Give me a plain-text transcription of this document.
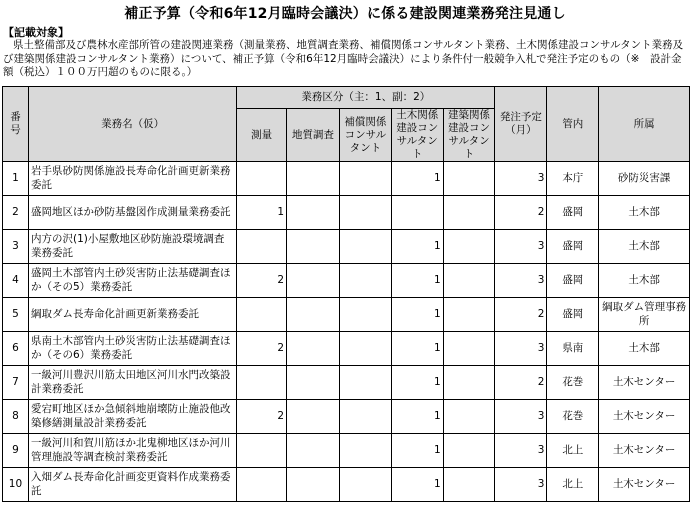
補正予算（令和6年12月臨時会議決）に係る建設関連業務発注見通し
【記載対象】
県土整備部及び農林水産部所管の建設関連業務（測量業務、地質調査業務、補償関係コンサルタント業務、土木関係建設コンサルタント業務及び建築関係建設コンサルタント業務）について、補正予算（令和6年12月臨時会議決）により条件付一般競争入札で発注予定のもの（※　設計金額（税込）１００万円超のものに限る。）
番号	業務名（仮）	業務区分（主：1、副：2）					発注予定（月）	管内	所属
		測量	地質調査	補償関係コンサルタント	土木関係建設コンサルタント	建築関係建設コンサルタント			
1	岩手県砂防関係施設長寿命化計画更新業務委託				1		3	本庁	砂防災害課
2	盛岡地区ほか砂防基盤図作成測量業務委託	1					2	盛岡	土木部
3	内方の沢(1)小屋敷地区砂防施設環境調査業務委託				1		3	盛岡	土木部
4	盛岡土木部管内土砂災害防止法基礎調査ほか（その5）業務委託	2			1		3	盛岡	土木部
5	綱取ダム長寿命化計画更新業務委託				1		2	盛岡	綱取ダム管理事務所
6	県南土木部管内土砂災害防止法基礎調査ほか（その6）業務委託	2			1		3	県南	土木部
7	一級河川豊沢川筋太田地区河川水門改築設計業務委託				1		2	花巻	土木センター
8	愛宕町地区ほか急傾斜地崩壊防止施設他改築修繕測量設計業務委託	2			1		3	花巻	土木センター
9	一級河川和賀川筋ほか北鬼柳地区ほか河川管理施設等調査検討業務委託				1		3	北上	土木センター
10	入畑ダム長寿命化計画変更資料作成業務委託				1		3	北上	土木センター
